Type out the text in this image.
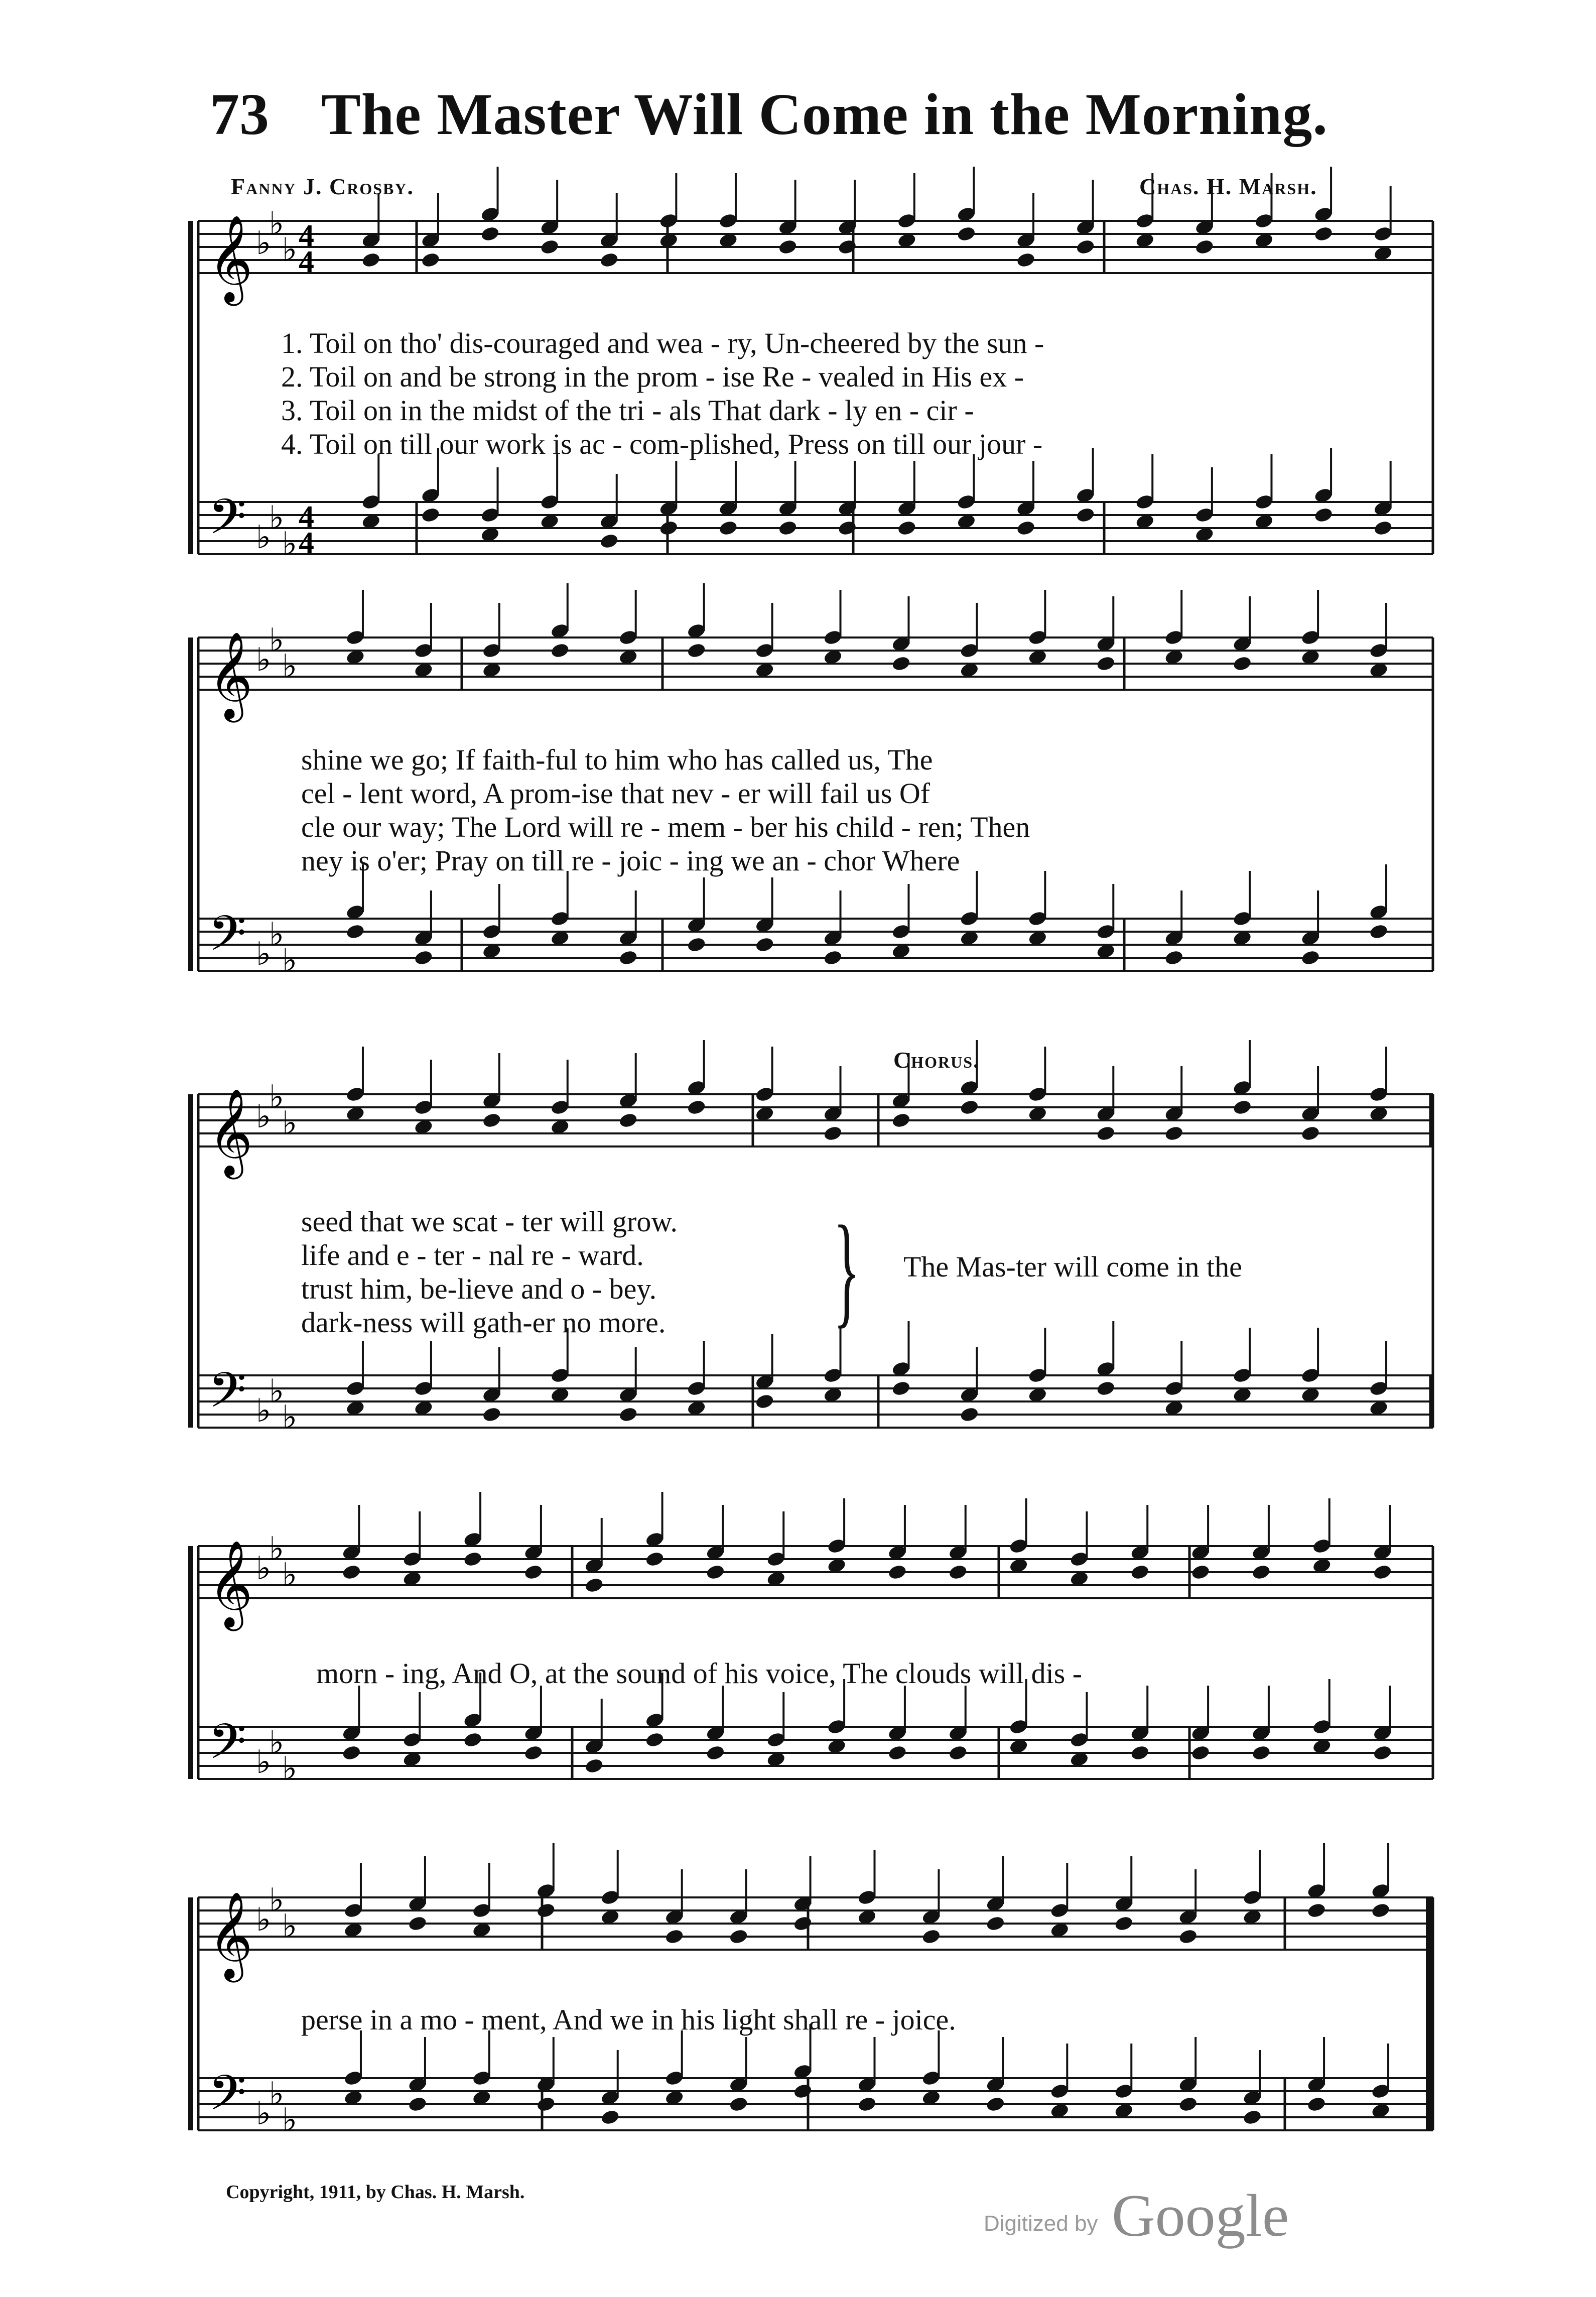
73 The Master Will Come in the Morning.
Fanny J. Crosby.	Chas. H. Marsh.
𝄞
𝄢
♭
♭
♭
♭
♭
♭
4
4
4
4
𝄞
𝄢
♭
♭
♭
♭
♭
♭
𝄞
𝄢
♭
♭
♭
♭
♭
♭
𝄞
𝄢
♭
♭
♭
♭
♭
♭
𝄞
𝄢
♭
♭
♭
♭
♭
♭
1. Toil on tho' dis-couraged and wea - ry, Un-cheered by the sun -
2. Toil on and be strong in the prom - ise Re - vealed in His ex -
3. Toil on in the midst of the tri - als That dark - ly en - cir -
4. Toil on till our work is ac - com-plished, Press on till our jour -
shine we go; If faith-ful to him who has called us, The
cel - lent word, A prom-ise that nev - er will fail us Of
cle our way; The Lord will re - mem - ber his child - ren; Then
ney is o'er; Pray on till re - joic - ing we an - chor Where
Chorus.
seed that we scat - ter will grow.
life and e - ter - nal re - ward.
trust him, be-lieve and o - bey.
dark-ness will gath-er no more. } The Mas-ter will come in the
morn - ing, And O, at the sound of his voice, The clouds will dis -
perse in a mo - ment, And we in his light shall re - joice.
Copyright, 1911, by Chas. H. Marsh.
Digitized by Google
